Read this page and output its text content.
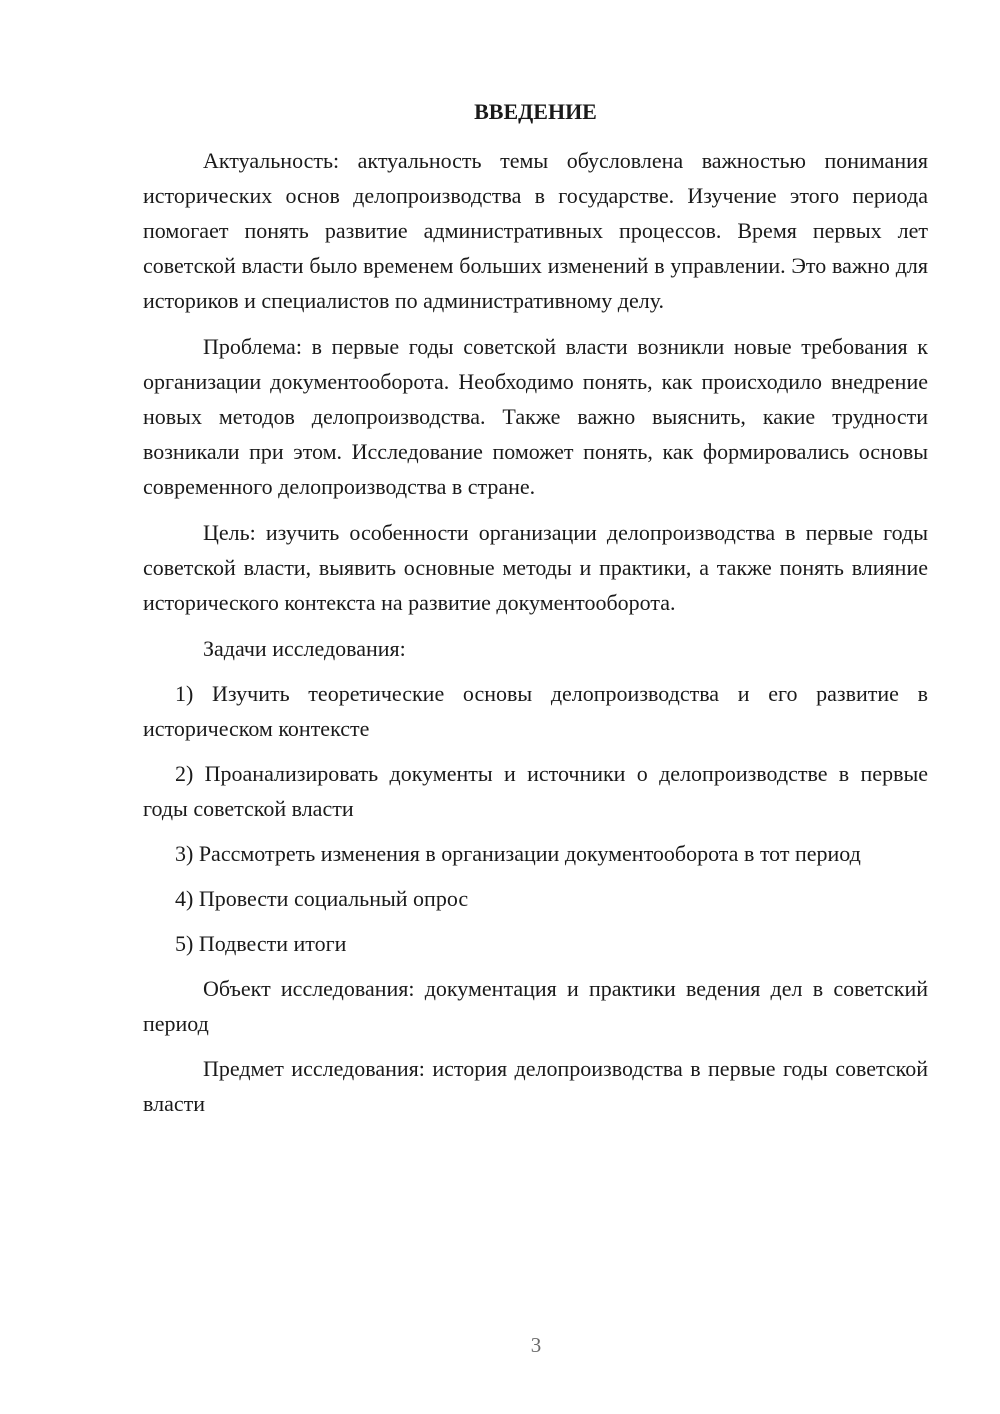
ВВЕДЕНИЕ

Актуальность: актуальность темы обусловлена важностью понимания исторических основ делопроизводства в государстве. Изучение этого периода помогает понять развитие административных процессов. Время первых лет советской власти было временем больших изменений в управлении. Это важно для историков и специалистов по административному делу.

Проблема: в первые годы советской власти возникли новые требования к организации документооборота. Необходимо понять, как происходило внедрение новых методов делопроизводства. Также важно выяснить, какие трудности возникали при этом. Исследование поможет понять, как формировались основы современного делопроизводства в стране.

Цель: изучить особенности организации делопроизводства в первые годы советской власти, выявить основные методы и практики, а также понять влияние исторического контекста на развитие документооборота.

Задачи исследования:

1) Изучить теоретические основы делопроизводства и его развитие в историческом контексте

2) Проанализировать документы и источники о делопроизводстве в первые годы советской власти

3) Рассмотреть изменения в организации документооборота в тот период

4) Провести социальный опрос

5) Подвести итоги

Объект исследования: документация и практики ведения дел в советский период

Предмет исследования: история делопроизводства в первые годы советской власти

3
